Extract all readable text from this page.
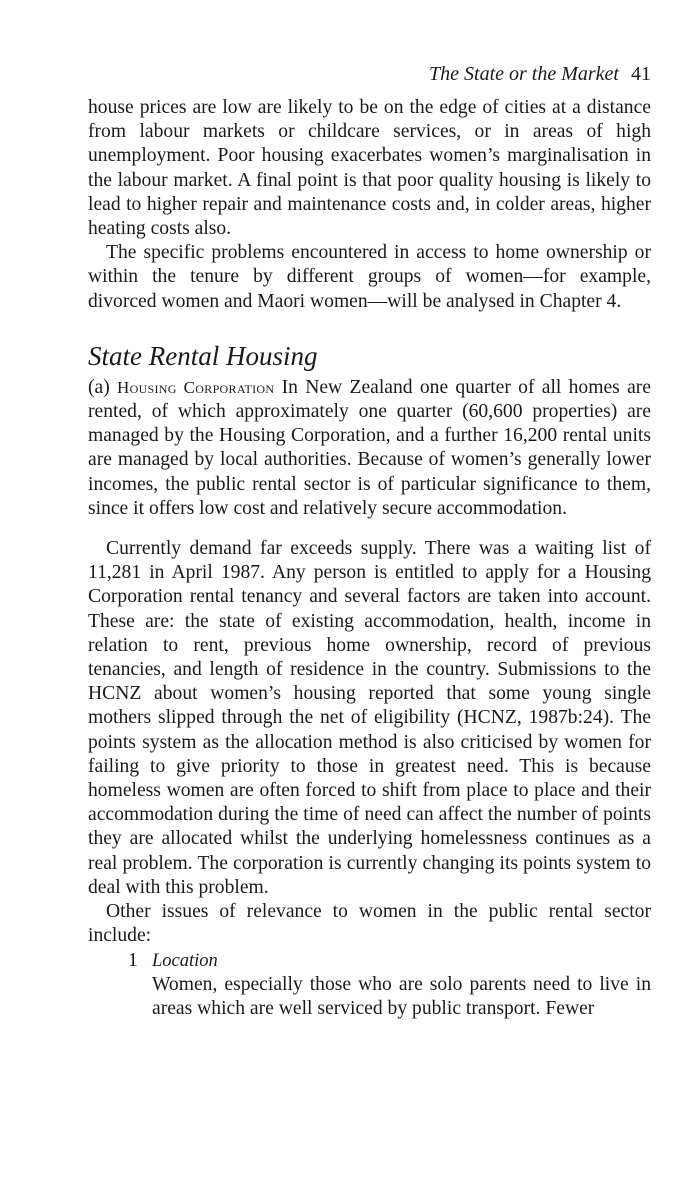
The State or the Market 41

house prices are low are likely to be on the edge of cities at a distance from labour markets or childcare services, or in areas of high unemployment. Poor housing exacerbates women’s marginalisation in the labour market. A final point is that poor quality housing is likely to lead to higher repair and maintenance costs and, in colder areas, higher heating costs also.

The specific problems encountered in access to home ownership or within the tenure by different groups of women—for example, divorced women and Maori women—will be analysed in Chapter 4.

State Rental Housing

(a) Housing Corporation In New Zealand one quarter of all homes are rented, of which approximately one quarter (60,600 properties) are managed by the Housing Corporation, and a further 16,200 rental units are managed by local authorities. Because of women’s generally lower incomes, the public rental sector is of particular significance to them, since it offers low cost and relatively secure accommodation.

Currently demand far exceeds supply. There was a waiting list of 11,281 in April 1987. Any person is entitled to apply for a Housing Corporation rental tenancy and several factors are taken into account. These are: the state of existing accommodation, health, income in relation to rent, previous home ownership, record of previous tenancies, and length of residence in the country. Submissions to the HCNZ about women’s housing reported that some young single mothers slipped through the net of eligibility (HCNZ, 1987b:24). The points system as the allocation method is also criticised by women for failing to give priority to those in greatest need. This is because homeless women are often forced to shift from place to place and their accommodation during the time of need can affect the number of points they are allocated whilst the underlying homelessness continues as a real problem. The corporation is currently changing its points system to deal with this problem.

Other issues of relevance to women in the public rental sector include:

1 Location

Women, especially those who are solo parents need to live in areas which are well serviced by public transport. Fewer
